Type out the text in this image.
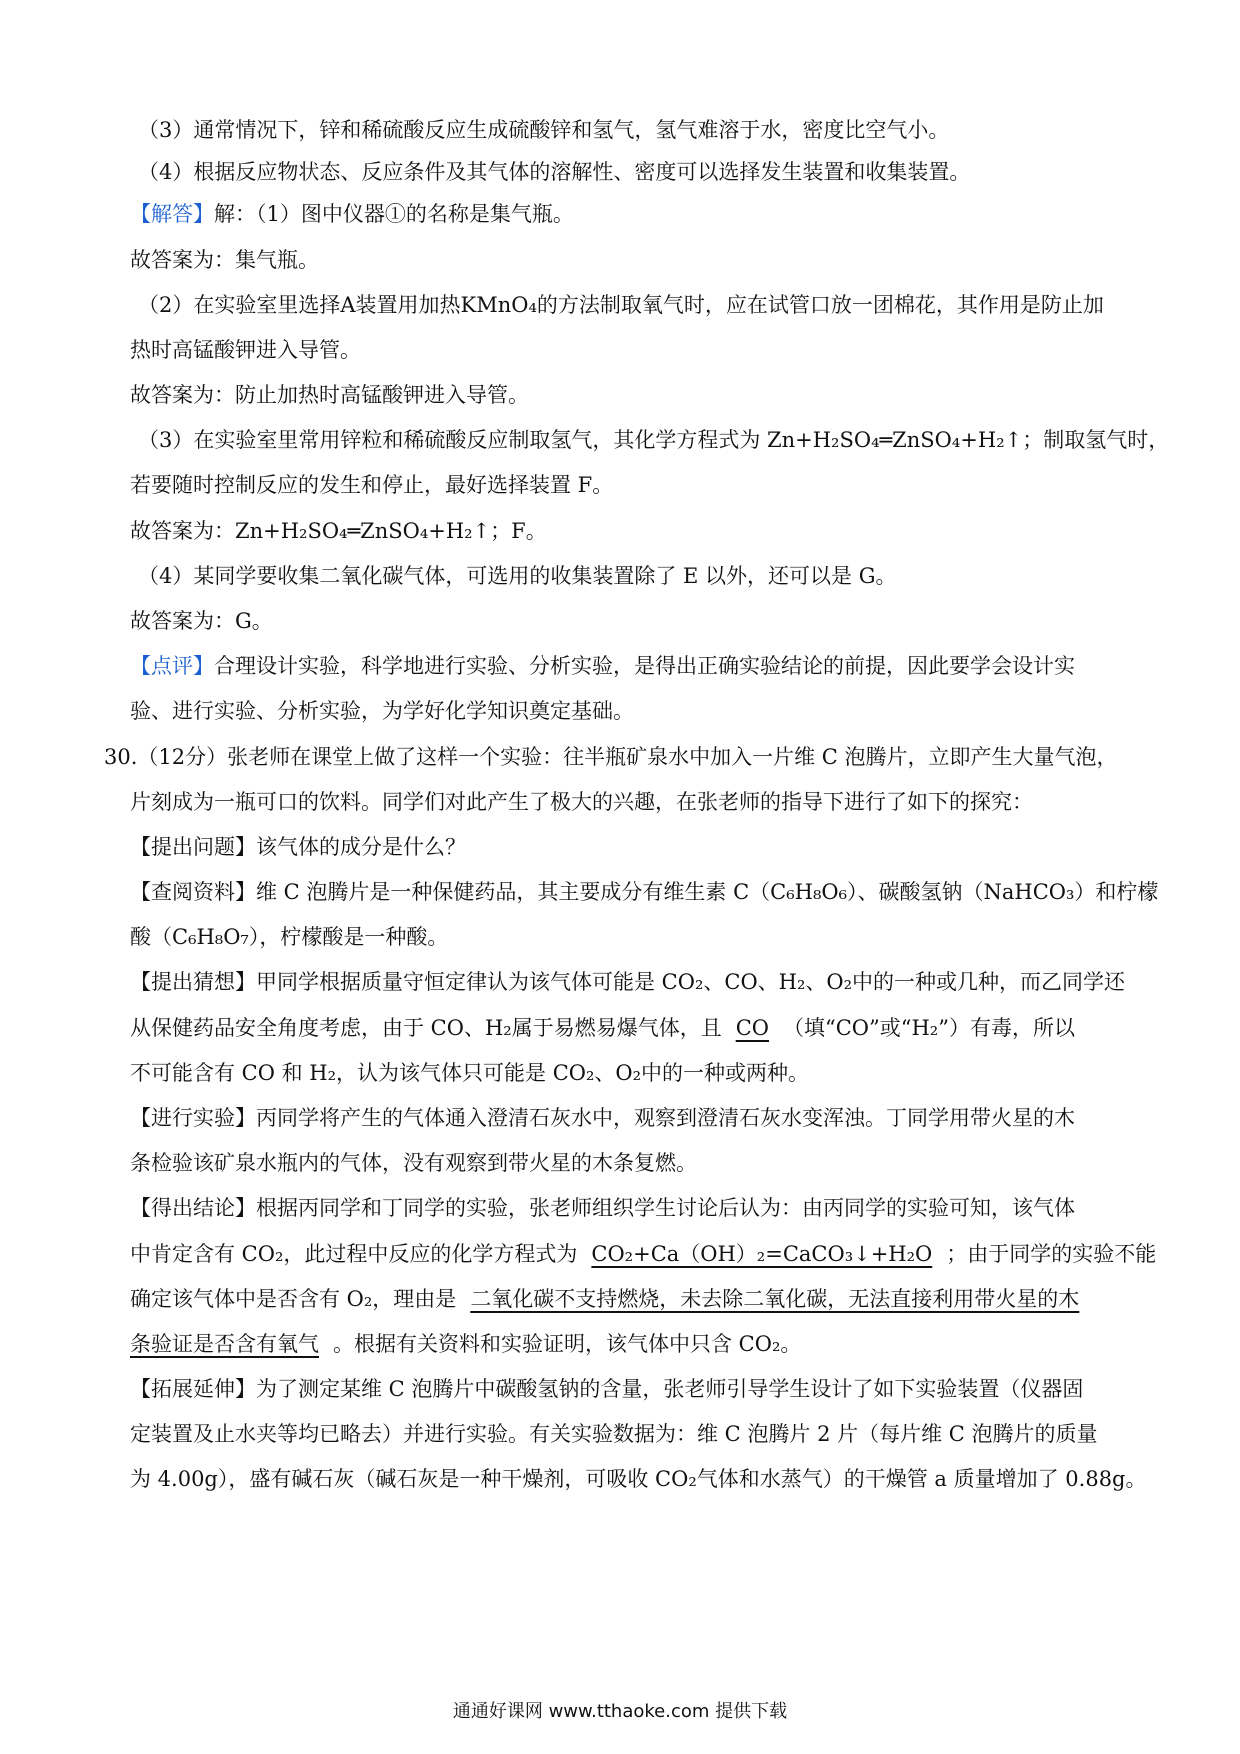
（3）通常情况下，锌和稀硫酸反应生成硫酸锌和氢气，氢气难溶于水，密度比空气小。
（4）根据反应物状态、反应条件及其气体的溶解性、密度可以选择发生装置和收集装置。
【解答】解：（1）图中仪器①的名称是集气瓶。
故答案为：集气瓶。
（2）在实验室里选择A装置用加热KMnO₄的方法制取氧气时，应在试管口放一团棉花，其作用是防止加
热时高锰酸钾进入导管。
故答案为：防止加热时高锰酸钾进入导管。
（3）在实验室里常用锌粒和稀硫酸反应制取氢气，其化学方程式为 Zn+H₂SO₄═ZnSO₄+H₂↑；制取氢气时，
若要随时控制反应的发生和停止，最好选择装置 F。
故答案为：Zn+H₂SO₄═ZnSO₄+H₂↑；F。
（4）某同学要收集二氧化碳气体，可选用的收集装置除了 E 以外，还可以是 G。
故答案为：G。
【点评】合理设计实验，科学地进行实验、分析实验，是得出正确实验结论的前提，因此要学会设计实
验、进行实验、分析实验，为学好化学知识奠定基础。
30.（12分）张老师在课堂上做了这样一个实验：往半瓶矿泉水中加入一片维 C 泡腾片，立即产生大量气泡，
片刻成为一瓶可口的饮料。同学们对此产生了极大的兴趣，在张老师的指导下进行了如下的探究：
【提出问题】该气体的成分是什么？
【查阅资料】维 C 泡腾片是一种保健药品，其主要成分有维生素 C（C₆H₈O₆）、碳酸氢钠（NaHCO₃）和柠檬
酸（C₆H₈O₇），柠檬酸是一种酸。
【提出猜想】甲同学根据质量守恒定律认为该气体可能是 CO₂、CO、H₂、O₂中的一种或几种，而乙同学还
从保健药品安全角度考虑，由于 CO、H₂属于易燃易爆气体，且 CO （填“CO”或“H₂”）有毒，所以
不可能含有 CO 和 H₂，认为该气体只可能是 CO₂、O₂中的一种或两种。
【进行实验】丙同学将产生的气体通入澄清石灰水中，观察到澄清石灰水变浑浊。丁同学用带火星的木
条检验该矿泉水瓶内的气体，没有观察到带火星的木条复燃。
【得出结论】根据丙同学和丁同学的实验，张老师组织学生讨论后认为：由丙同学的实验可知，该气体
中肯定含有 CO₂，此过程中反应的化学方程式为 CO₂+Ca（OH）₂=CaCO₃↓+H₂O ；由于同学的实验不能
确定该气体中是否含有 O₂，理由是 二氧化碳不支持燃烧，未去除二氧化碳，无法直接利用带火星的木
条验证是否含有氧气 。根据有关资料和实验证明，该气体中只含 CO₂。
【拓展延伸】为了测定某维 C 泡腾片中碳酸氢钠的含量，张老师引导学生设计了如下实验装置（仪器固
定装置及止水夹等均已略去）并进行实验。有关实验数据为：维 C 泡腾片 2 片（每片维 C 泡腾片的质量
为 4.00g），盛有碱石灰（碱石灰是一种干燥剂，可吸收 CO₂气体和水蒸气）的干燥管 a 质量增加了 0.88g。
通通好课网 www.tthaoke.com 提供下载
